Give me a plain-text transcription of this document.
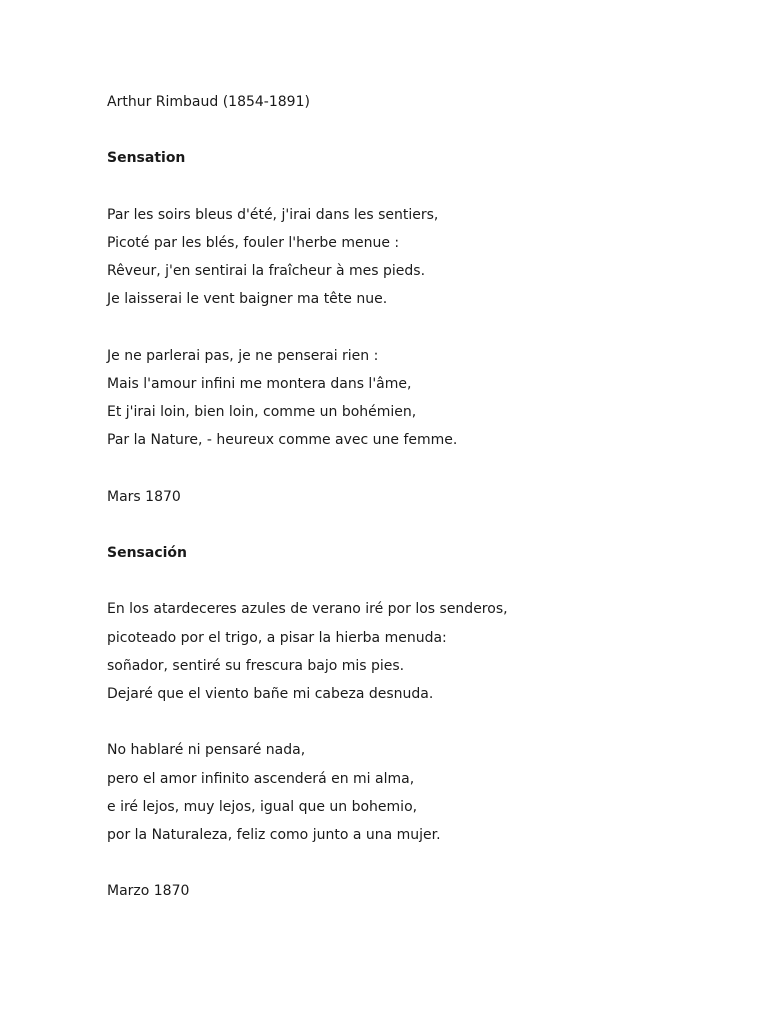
Arthur Rimbaud (1854-1891)
Sensation
Par les soirs bleus d'été, j'irai dans les sentiers,
Picoté par les blés, fouler l'herbe menue :
Rêveur, j'en sentirai la fraîcheur à mes pieds.
Je laisserai le vent baigner ma tête nue.
Je ne parlerai pas, je ne penserai rien :
Mais l'amour infini me montera dans l'âme,
Et j'irai loin, bien loin, comme un bohémien,
Par la Nature, - heureux comme avec une femme.
Mars 1870
Sensación
En los atardeceres azules de verano iré por los senderos,
picoteado por el trigo, a pisar la hierba menuda:
soñador, sentiré su frescura bajo mis pies.
Dejaré que el viento bañe mi cabeza desnuda.
No hablaré ni pensaré nada,
pero el amor infinito ascenderá en mi alma,
e iré lejos, muy lejos, igual que un bohemio,
por la Naturaleza, feliz como junto a una mujer.
Marzo 1870
